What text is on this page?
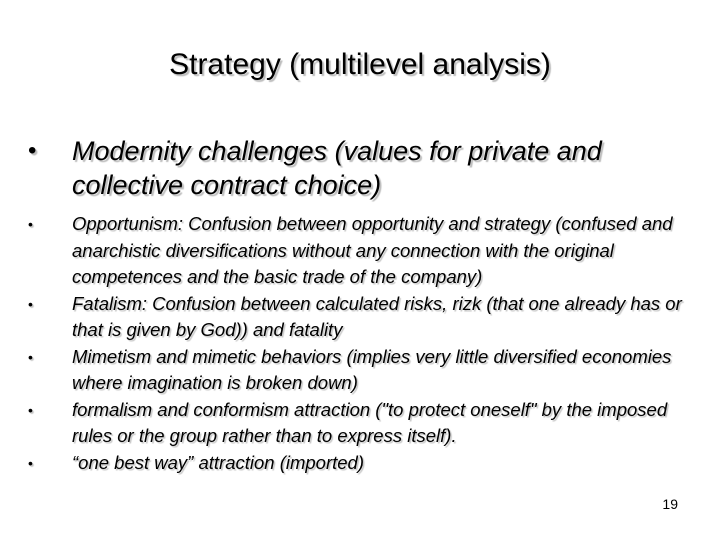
Strategy (multilevel analysis)
•	Modernity challenges (values for private and collective contract choice)
• Opportunism: Confusion between opportunity and strategy (confused and anarchistic diversifications without any connection with the original competences and the basic trade of the company)
• Fatalism: Confusion between calculated risks, rizk (that one already has or that is given by God)) and fatality
• Mimetism and mimetic behaviors (implies very little diversified economies where imagination is broken down)
• formalism and conformism attraction ("to protect oneself" by the imposed rules or the group rather than to express itself).
• “one best way” attraction (imported)
19
